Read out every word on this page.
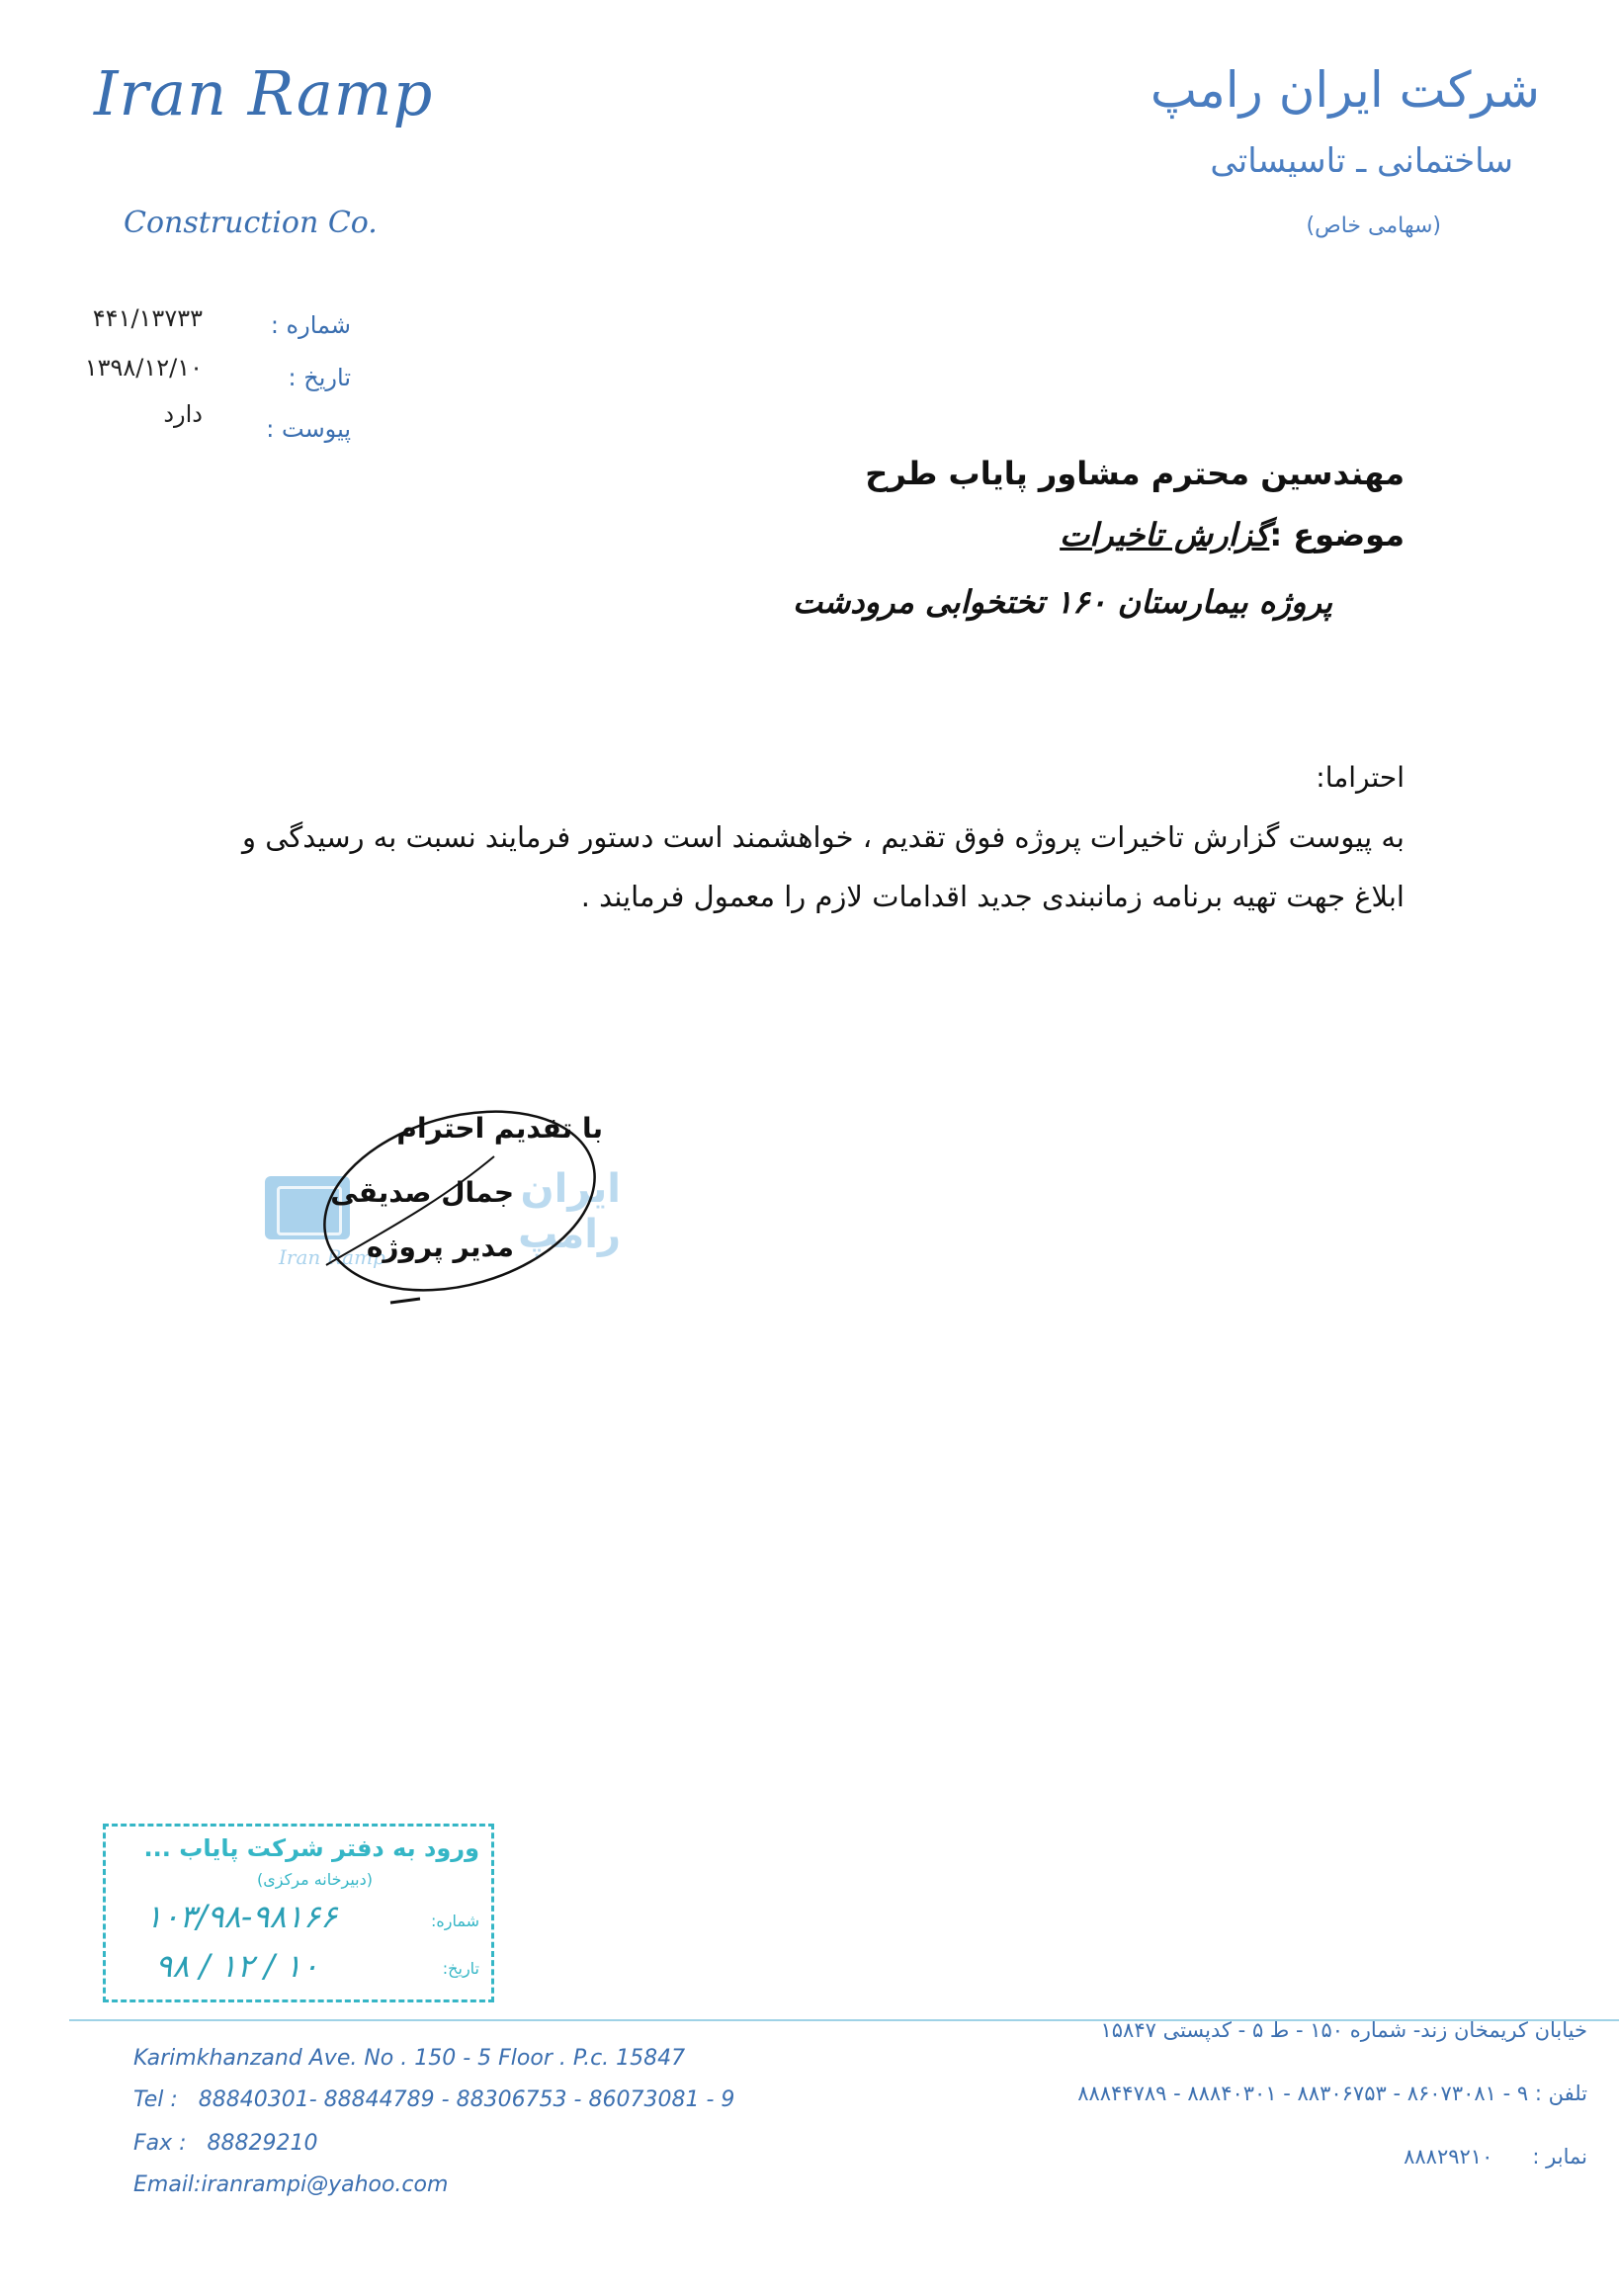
Iran Ramp
Construction Co.
شرکت ایران رامپ
ساختمانی ـ تاسیساتی
(سهامی خاص)
شماره :
۴۴۱/۱۳۷۳۳
تاریخ :
۱۳۹۸/۱۲/۱۰
پیوست :
دارد
مهندسین محترم مشاور پایاب طرح
موضوع :گزارش تاخیرات
پروژه بیمارستان ۱۶۰ تختخوابی مرودشت
احتراما:
به پیوست گزارش تاخیرات پروژه فوق تقدیم ، خواهشمند است دستور فرمایند نسبت به رسیدگی و
ابلاغ جهت تهیه برنامه زمانبندی جدید اقدامات لازم را معمول فرمایند .
ایران رامپ
Iran Ramp
با تقدیم احترام
جمال صدیقی
مدیر پروژه
ورود به دفتر شرکت پایاب ...
(دبیرخانه مرکزی)
شماره:
۱۰۳/۹۸-۹۸۱۶۶
تاریخ:
۹۸ / ۱۲ / ۱۰
Karimkhanzand Ave. No . 150 - 5 Floor . P.c. 15847
Tel : 88840301- 88844789 - 88306753 - 86073081 - 9
Fax : 88829210
Email:iranrampi@yahoo.com
خیابان کریمخان زند- شماره ۱۵۰ - ط ۵ - کدپستی ۱۵۸۴۷
تلفن : ۹ - ۸۶۰۷۳۰۸۱ - ۸۸۳۰۶۷۵۳ - ۸۸۸۴۰۳۰۱ - ۸۸۸۴۴۷۸۹
نمابر :      ۸۸۸۲۹۲۱۰
